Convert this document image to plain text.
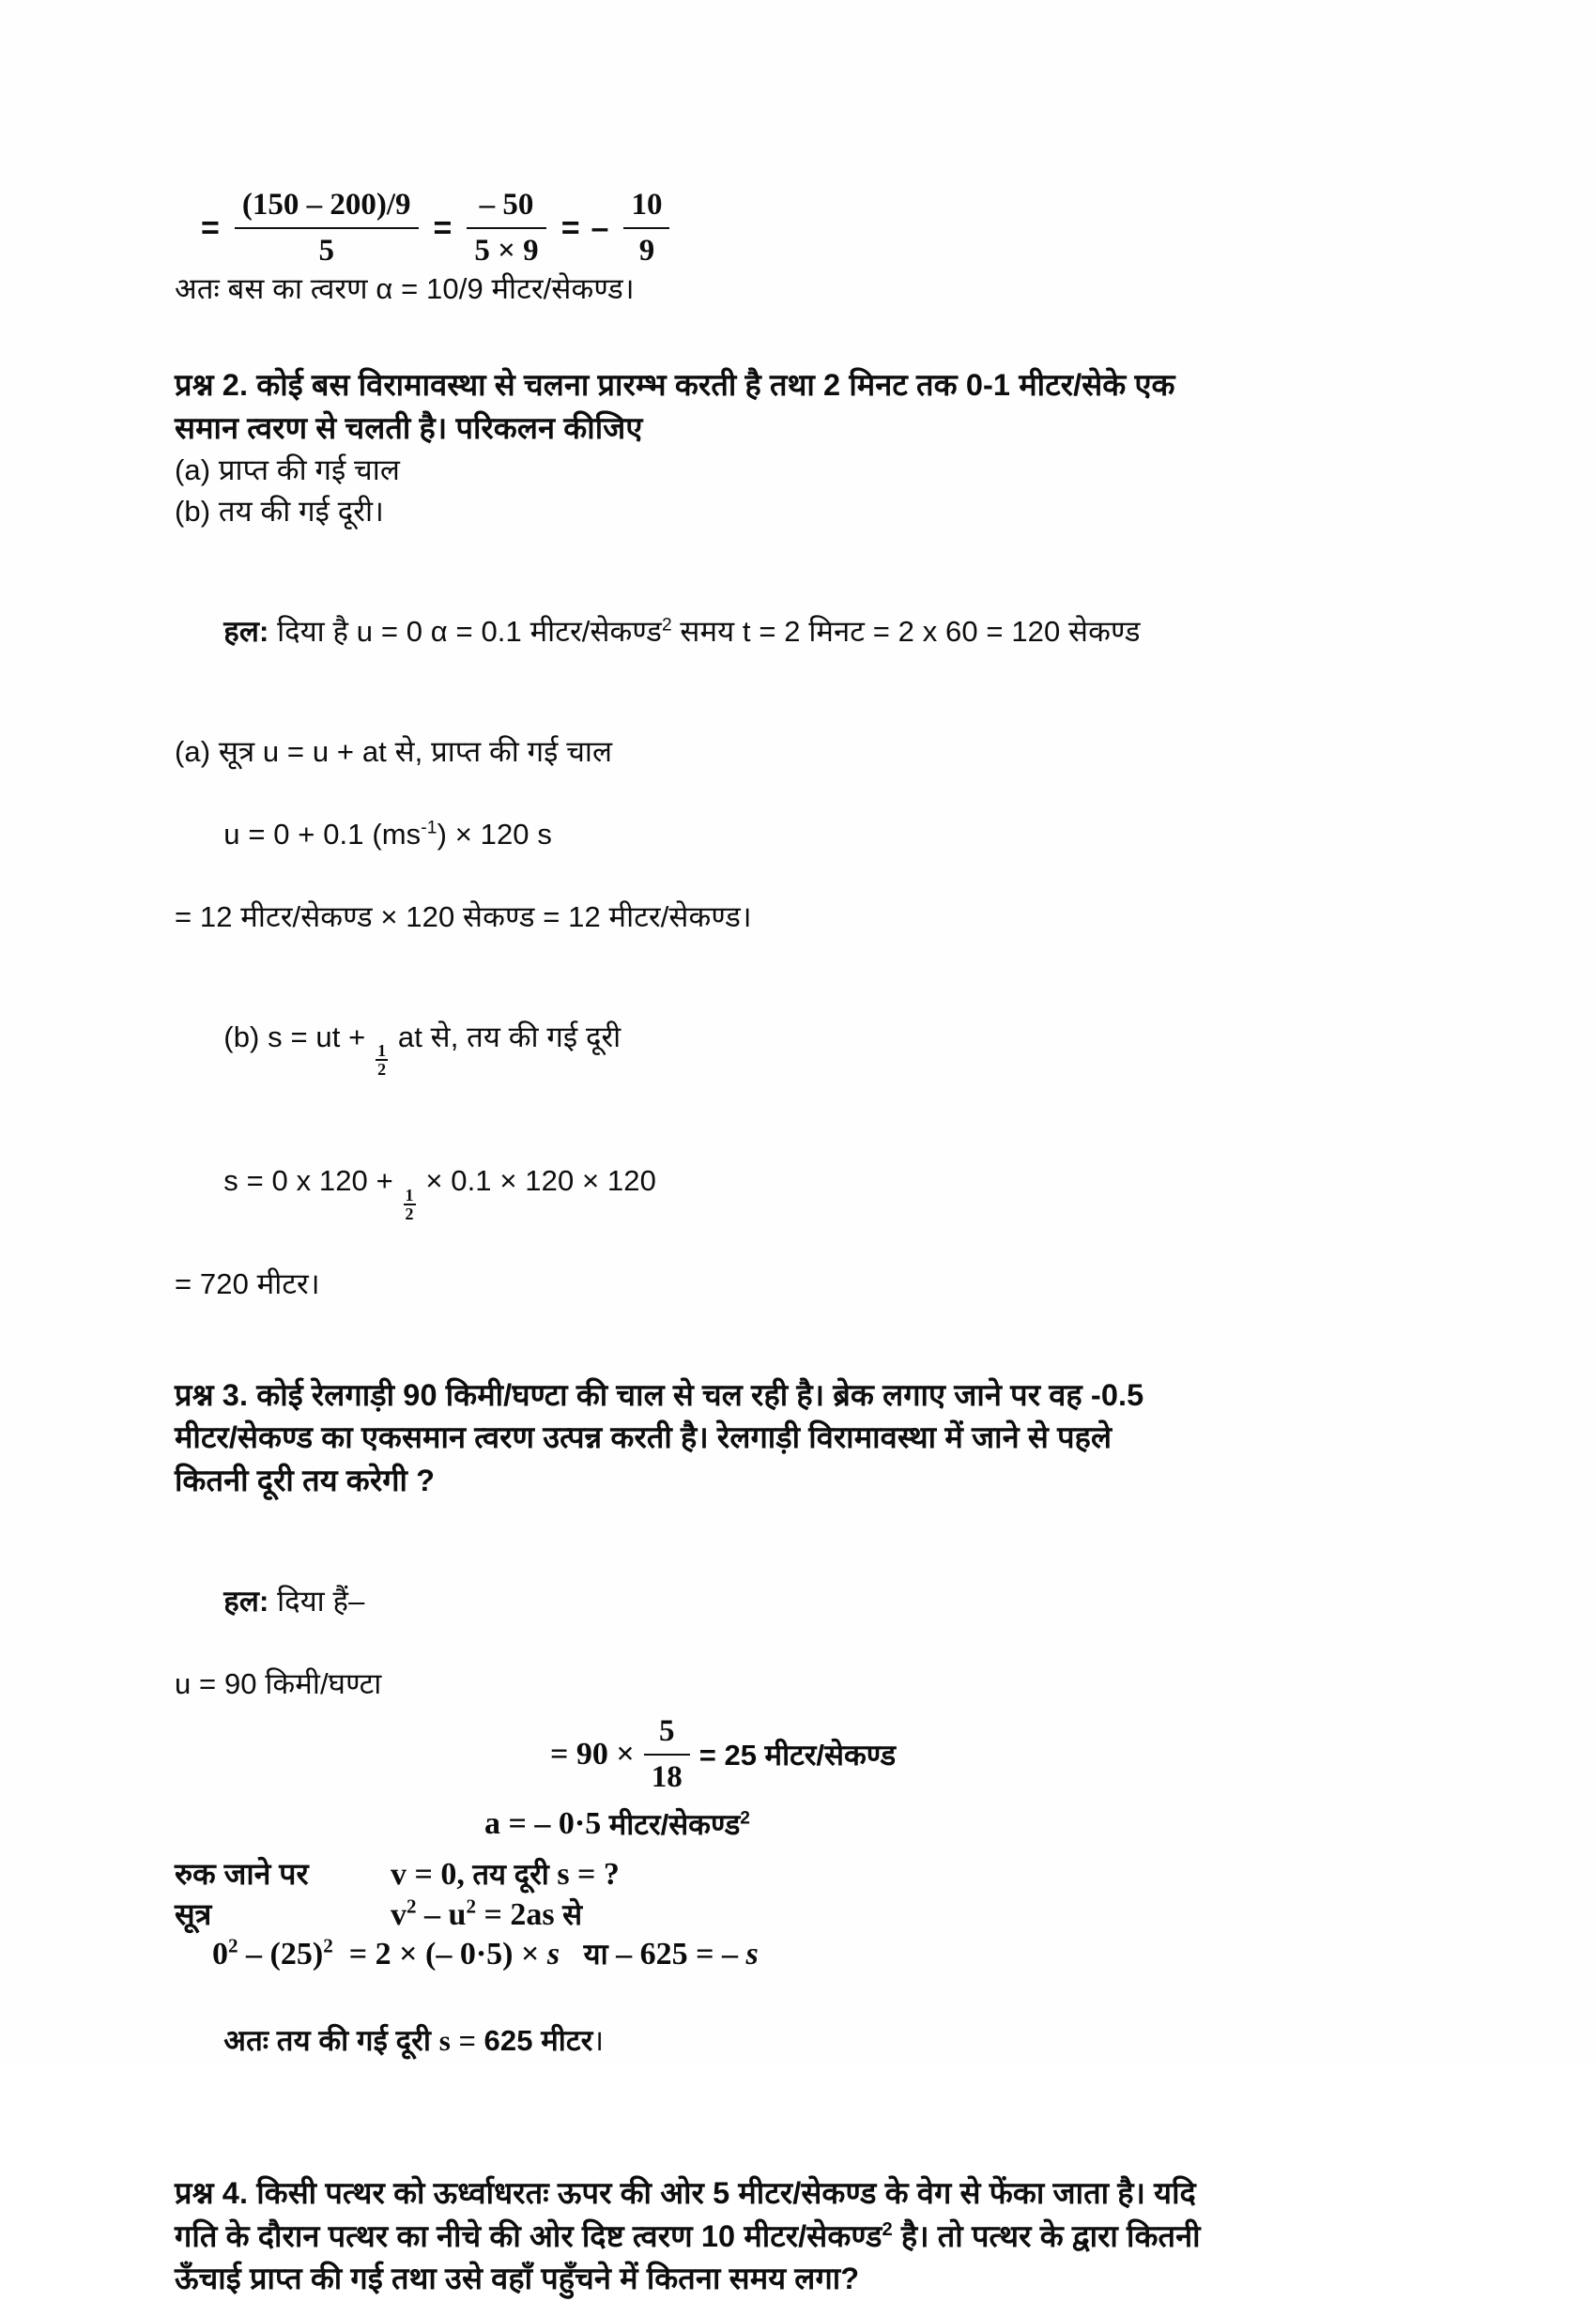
= $\frac{(150 - 200)/9}{5} = \frac{- 50}{5 \times 9}$ = – $\frac{10}{9}$
अतः बस का त्वरण α = 10/9 मीटर/सेकण्ड।
प्रश्न 2. कोई बस विरामावस्था से चलना प्रारम्भ करती है तथा 2 मिनट तक 0-1 मीटर/सेके एक
समान त्वरण से चलती है। परिकलन कीजिए
(a) प्राप्त की गई चाल
(b) तय की गई दूरी।

हल: दिया है u = 0 α = 0.1 मीटर/सेकण्ड$^2$ समय t = 2 मिनट = 2 x 60 = 120 सेकण्ड

(a) सूत्र u = u + at से, प्राप्त की गई चाल

u = 0 + 0.1 $(ms^{-1}) \times 120$ s

= 12 मीटर/सेकण्ड × 120 सेकण्ड = 12 मीटर/सेकण्ड।

(b) s = ut +
$\frac{1}{2}$
at से, तय की गई दूरी

s = 0 x 120 +
$\frac{1}{2}$
× 0.1 × 120 × 120

= 720 मीटर।
प्रश्न 3. कोई रेलगाड़ी 90 किमी/घण्टा की चाल से चल रही है। ब्रेक लगाए जाने पर वह -0.5
मीटर/सेकण्ड का एकसमान त्वरण उत्पन्न करती है। रेलगाड़ी विरामावस्था में जाने से पहले
कितनी दूरी तय करेगी ?

हल: दिया हैं–

u = 90 किमी/घण्टा
= $90 \times \frac{5}{18} = 25$ मीटर/सेकण्ड
a = – 0·5 मीटर/सेकण्ड$^2$
रुक जाने पर	v = 0, तय दूरी s = ?
सूत्र	$v^2 - u^2 = 2as$ से
$0^2 - (25)^2 = 2$ × (– 0·5) × s या – 625 = – s

अतः तय की गई दूरी s = 625 मीटर।

प्रश्न 4. किसी पत्थर को ऊर्ध्वाधरतः ऊपर की ओर 5 मीटर/सेकण्ड के वेग से फेंका जाता है। यदि
गति के दौरान पत्थर का नीचे की ओर दिष्ट त्वरण 10 मीटर/सेकण्ड$^2$ है। तो पत्थर के द्वारा कितनी
ऊँचाई प्राप्त की गई तथा उसे वहाँ पहुँचने में कितना समय लगा?
